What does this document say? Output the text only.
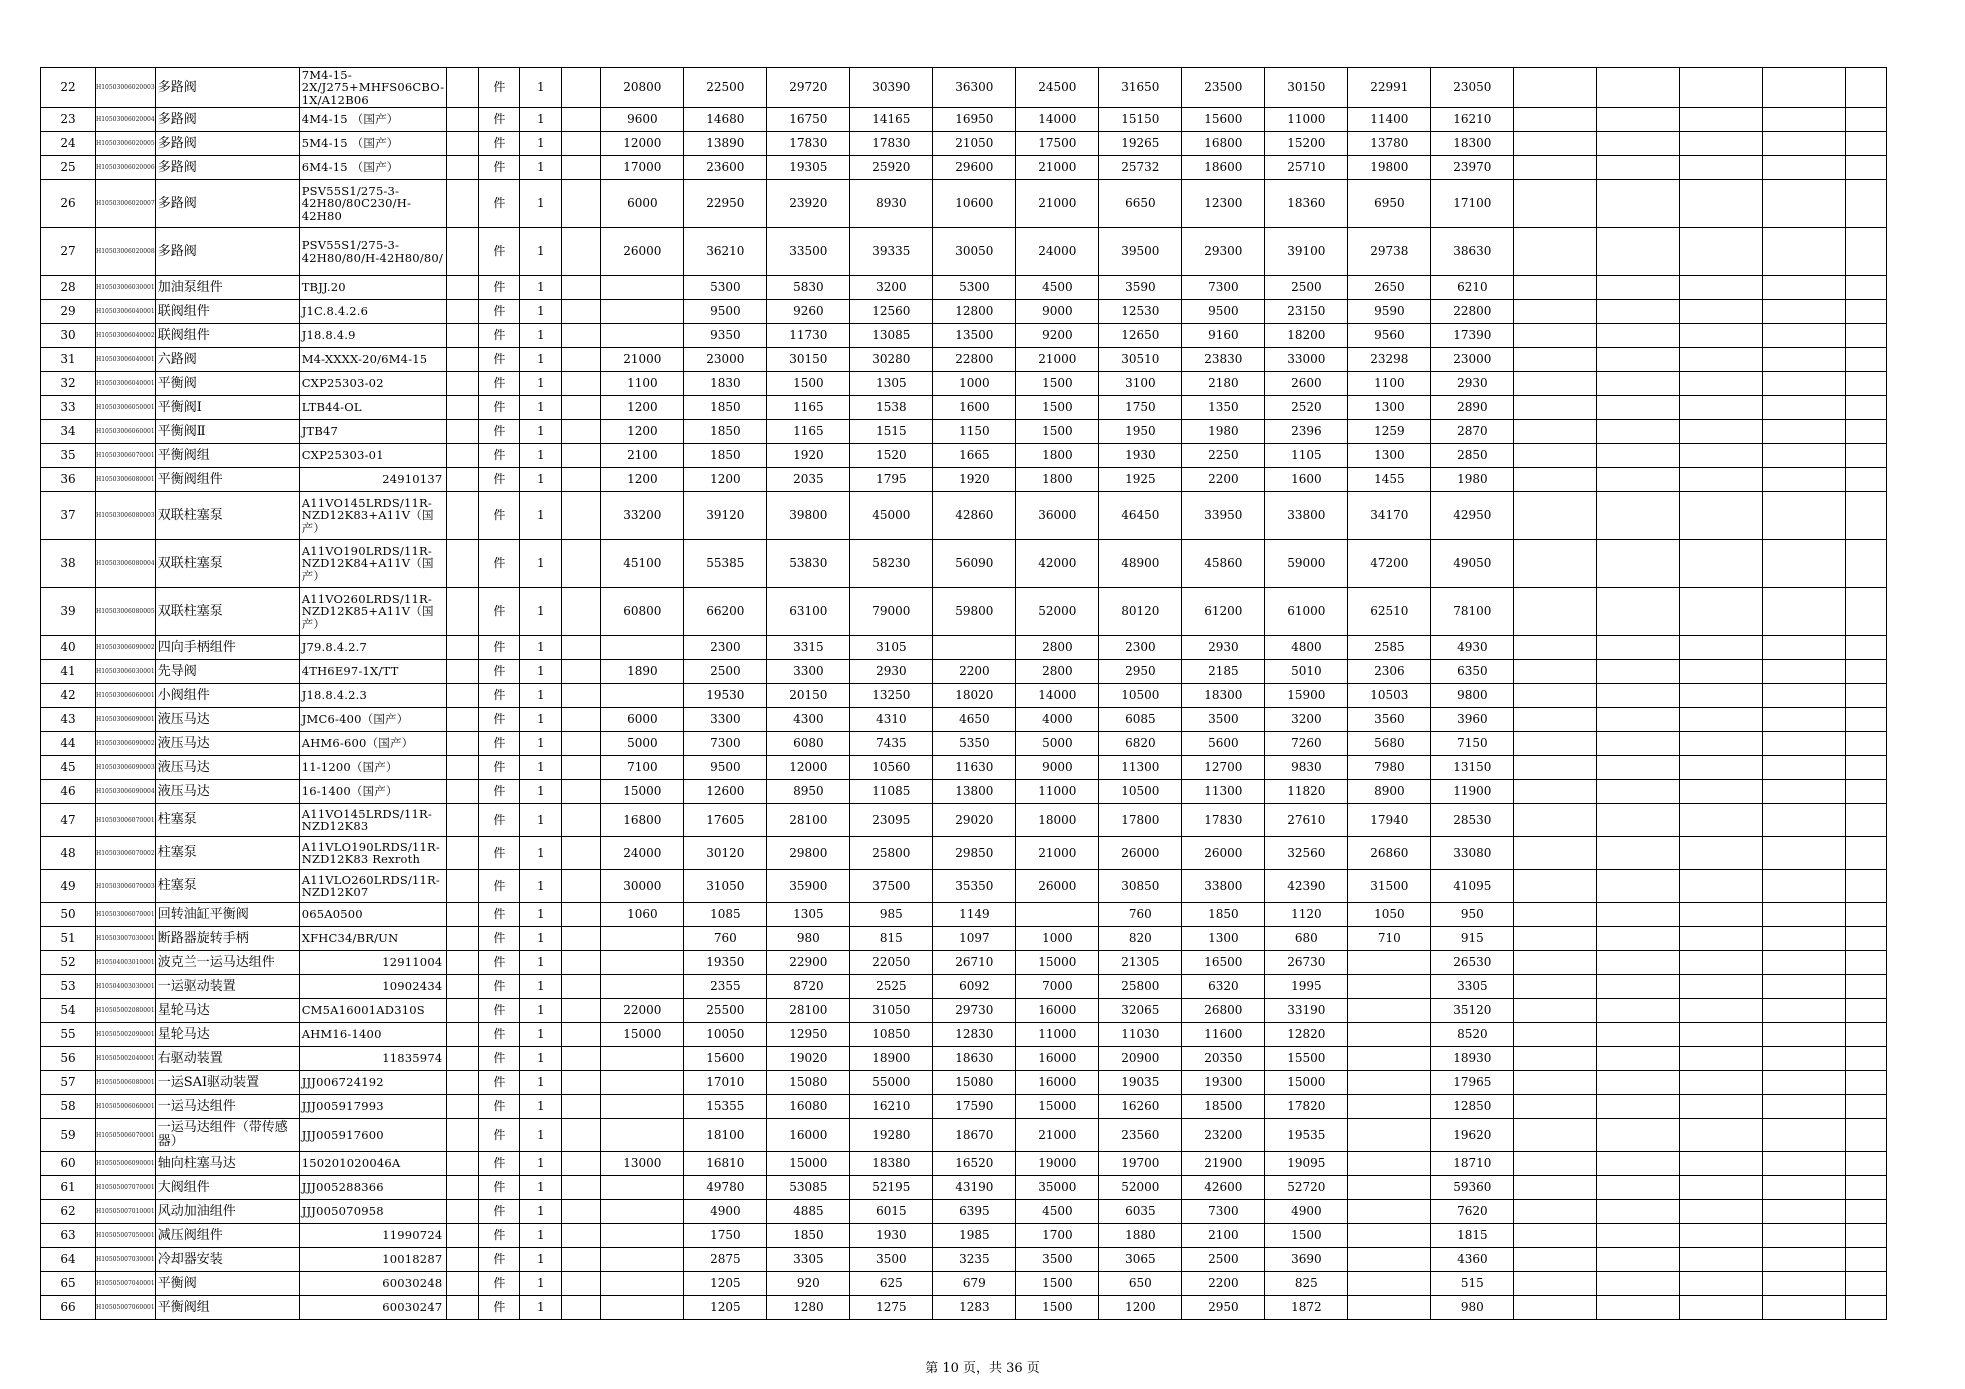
22	H10503006020003	多路阀	7M4-15-2X/J275+MHFS06CBO-1X/A12B06		件	1		20800	22500	29720	30390	36300	24500	31650	23500	30150	22991	23050					
23	H10503006020004	多路阀	4M4-15 （国产）		件	1		9600	14680	16750	14165	16950	14000	15150	15600	11000	11400	16210					
24	H10503006020005	多路阀	5M4-15 （国产）		件	1		12000	13890	17830	17830	21050	17500	19265	16800	15200	13780	18300					
25	H10503006020006	多路阀	6M4-15 （国产）		件	1		17000	23600	19305	25920	29600	21000	25732	18600	25710	19800	23970					
26	H10503006020007	多路阀	PSV55S1/275-3-42H80/80C230/H-42H80		件	1		6000	22950	23920	8930	10600	21000	6650	12300	18360	6950	17100					
27	H10503006020008	多路阀	PSV55S1/275-3-42H80/80/H-42H80/80/		件	1		26000	36210	33500	39335	30050	24000	39500	29300	39100	29738	38630					
28	H10503006030001	加油泵组件	TBJJ.20		件	1			5300	5830	3200	5300	4500	3590	7300	2500	2650	6210					
29	H10503006040001	联阀组件	J1C.8.4.2.6		件	1			9500	9260	12560	12800	9000	12530	9500	23150	9590	22800					
30	H10503006040002	联阀组件	J18.8.4.9		件	1			9350	11730	13085	13500	9200	12650	9160	18200	9560	17390					
31	H10503006040001	六路阀	M4-XXXX-20/6M4-15		件	1		21000	23000	30150	30280	22800	21000	30510	23830	33000	23298	23000					
32	H10503006040001	平衡阀	CXP25303-02		件	1		1100	1830	1500	1305	1000	1500	3100	2180	2600	1100	2930					
33	H10503006050001	平衡阀Ⅰ	LTB44-OL		件	1		1200	1850	1165	1538	1600	1500	1750	1350	2520	1300	2890					
34	H10503006060001	平衡阀Ⅱ	JTB47		件	1		1200	1850	1165	1515	1150	1500	1950	1980	2396	1259	2870					
35	H10503006070001	平衡阀组	CXP25303-01		件	1		2100	1850	1920	1520	1665	1800	1930	2250	1105	1300	2850					
36	H10503006080001	平衡阀组件	24910137		件	1		1200	1200	2035	1795	1920	1800	1925	2200	1600	1455	1980					
37	H10503006080003	双联柱塞泵	A11VO145LRDS/11R-NZD12K83+A11V（国产）		件	1		33200	39120	39800	45000	42860	36000	46450	33950	33800	34170	42950					
38	H10503006080004	双联柱塞泵	A11VO190LRDS/11R-NZD12K84+A11V（国产）		件	1		45100	55385	53830	58230	56090	42000	48900	45860	59000	47200	49050					
39	H10503006080005	双联柱塞泵	A11VO260LRDS/11R-NZD12K85+A11V（国产）		件	1		60800	66200	63100	79000	59800	52000	80120	61200	61000	62510	78100					
40	H10503006090002	四向手柄组件	J79.8.4.2.7		件	1			2300	3315	3105		2800	2300	2930	4800	2585	4930					
41	H10503006030001	先导阀	4TH6E97-1X/TT		件	1		1890	2500	3300	2930	2200	2800	2950	2185	5010	2306	6350					
42	H10503006060001	小阀组件	J18.8.4.2.3		件	1			19530	20150	13250	18020	14000	10500	18300	15900	10503	9800					
43	H10503006090001	液压马达	JMC6-400（国产）		件	1		6000	3300	4300	4310	4650	4000	6085	3500	3200	3560	3960					
44	H10503006090002	液压马达	AHM6-600（国产）		件	1		5000	7300	6080	7435	5350	5000	6820	5600	7260	5680	7150					
45	H10503006090003	液压马达	11-1200（国产）		件	1		7100	9500	12000	10560	11630	9000	11300	12700	9830	7980	13150					
46	H10503006090004	液压马达	16-1400（国产）		件	1		15000	12600	8950	11085	13800	11000	10500	11300	11820	8900	11900					
47	H10503006070001	柱塞泵	A11VO145LRDS/11R-NZD12K83		件	1		16800	17605	28100	23095	29020	18000	17800	17830	27610	17940	28530					
48	H10503006070002	柱塞泵	A11VLO190LRDS/11R-NZD12K83 Rexroth		件	1		24000	30120	29800	25800	29850	21000	26000	26000	32560	26860	33080					
49	H10503006070003	柱塞泵	A11VLO260LRDS/11R-NZD12K07		件	1		30000	31050	35900	37500	35350	26000	30850	33800	42390	31500	41095					
50	H10503006070001	回转油缸平衡阀	065A0500		件	1		1060	1085	1305	985	1149		760	1850	1120	1050	950					
51	H10503007030001	断路器旋转手柄	XFHC34/BR/UN		件	1			760	980	815	1097	1000	820	1300	680	710	915					
52	H10504003010001	波克兰一运马达组件	12911004		件	1			19350	22900	22050	26710	15000	21305	16500	26730		26530					
53	H10504003030001	一运驱动装置	10902434		件	1			2355	8720	2525	6092	7000	25800	6320	1995		3305					
54	H10505002080001	星轮马达	CM5A16001AD310S		件	1		22000	25500	28100	31050	29730	16000	32065	26800	33190		35120					
55	H10505002090001	星轮马达	AHM16-1400		件	1		15000	10050	12950	10850	12830	11000	11030	11600	12820		8520					
56	H10505002040001	右驱动装置	11835974		件	1			15600	19020	18900	18630	16000	20900	20350	15500		18930					
57	H10505006080001	一运SAI驱动装置	JJJ006724192		件	1			17010	15080	55000	15080	16000	19035	19300	15000		17965					
58	H10505006060001	一运马达组件	JJJ005917993		件	1			15355	16080	16210	17590	15000	16260	18500	17820		12850					
59	H10505006070001	一运马达组件（带传感器）	JJJ005917600		件	1			18100	16000	19280	18670	21000	23560	23200	19535		19620					
60	H10505006090001	轴向柱塞马达	150201020046A		件	1		13000	16810	15000	18380	16520	19000	19700	21900	19095		18710					
61	H10505007070001	大阀组件	JJJ005288366		件	1			49780	53085	52195	43190	35000	52000	42600	52720		59360					
62	H10505007010001	风动加油组件	JJJ005070958		件	1			4900	4885	6015	6395	4500	6035	7300	4900		7620					
63	H10505007050001	减压阀组件	11990724		件	1			1750	1850	1930	1985	1700	1880	2100	1500		1815					
64	H10505007030001	冷却器安装	10018287		件	1			2875	3305	3500	3235	3500	3065	2500	3690		4360					
65	H10505007040001	平衡阀	60030248		件	1			1205	920	625	679	1500	650	2200	825		515					
66	H10505007060001	平衡阀组	60030247		件	1			1205	1280	1275	1283	1500	1200	2950	1872		980					
第 10 页，共 36 页
